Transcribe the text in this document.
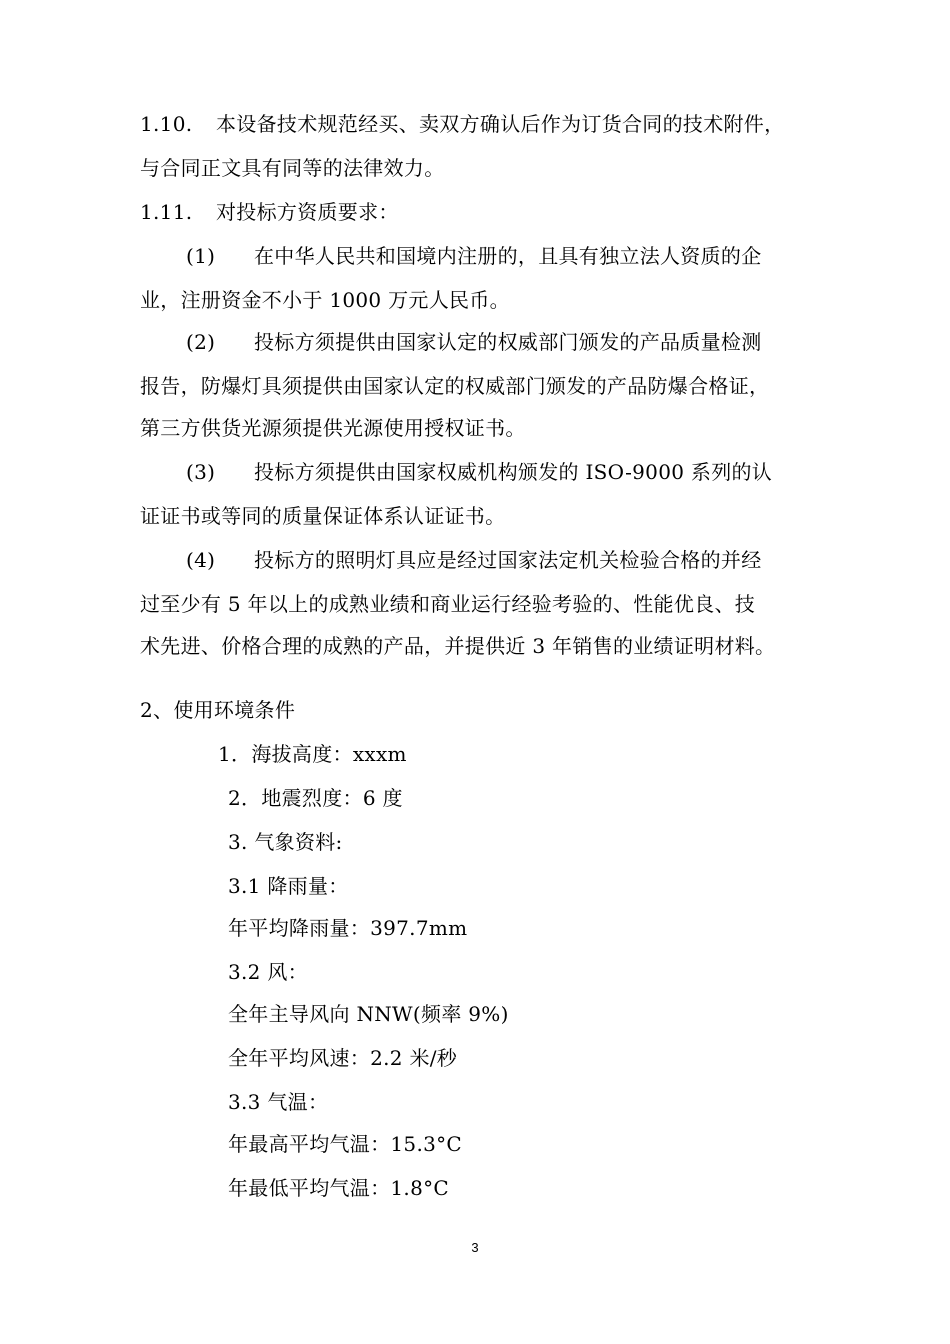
1.10. 本设备技术规范经买、卖双方确认后作为订货合同的技术附件，
与合同正文具有同等的法律效力。
1.11. 对投标方资质要求：
(1) 在中华人民共和国境内注册的，且具有独立法人资质的企
业，注册资金不小于 1000 万元人民币。
(2) 投标方须提供由国家认定的权威部门颁发的产品质量检测
报告，防爆灯具须提供由国家认定的权威部门颁发的产品防爆合格证，
第三方供货光源须提供光源使用授权证书。
(3) 投标方须提供由国家权威机构颁发的 ISO-9000 系列的认
证证书或等同的质量保证体系认证证书。
(4) 投标方的照明灯具应是经过国家法定机关检验合格的并经
过至少有 5 年以上的成熟业绩和商业运行经验考验的、性能优良、技
术先进、价格合理的成熟的产品，并提供近 3 年销售的业绩证明材料。
2、使用环境条件
1．海拔高度：xxxm
2．地震烈度：6 度
3. 气象资料:
3.1 降雨量：
年平均降雨量：397.7mm
3.2 风：
全年主导风向 NNW(频率 9%)
全年平均风速：2.2 米/秒
3.3 气温：
年最高平均气温：15.3°C
年最低平均气温：1.8°C
3
